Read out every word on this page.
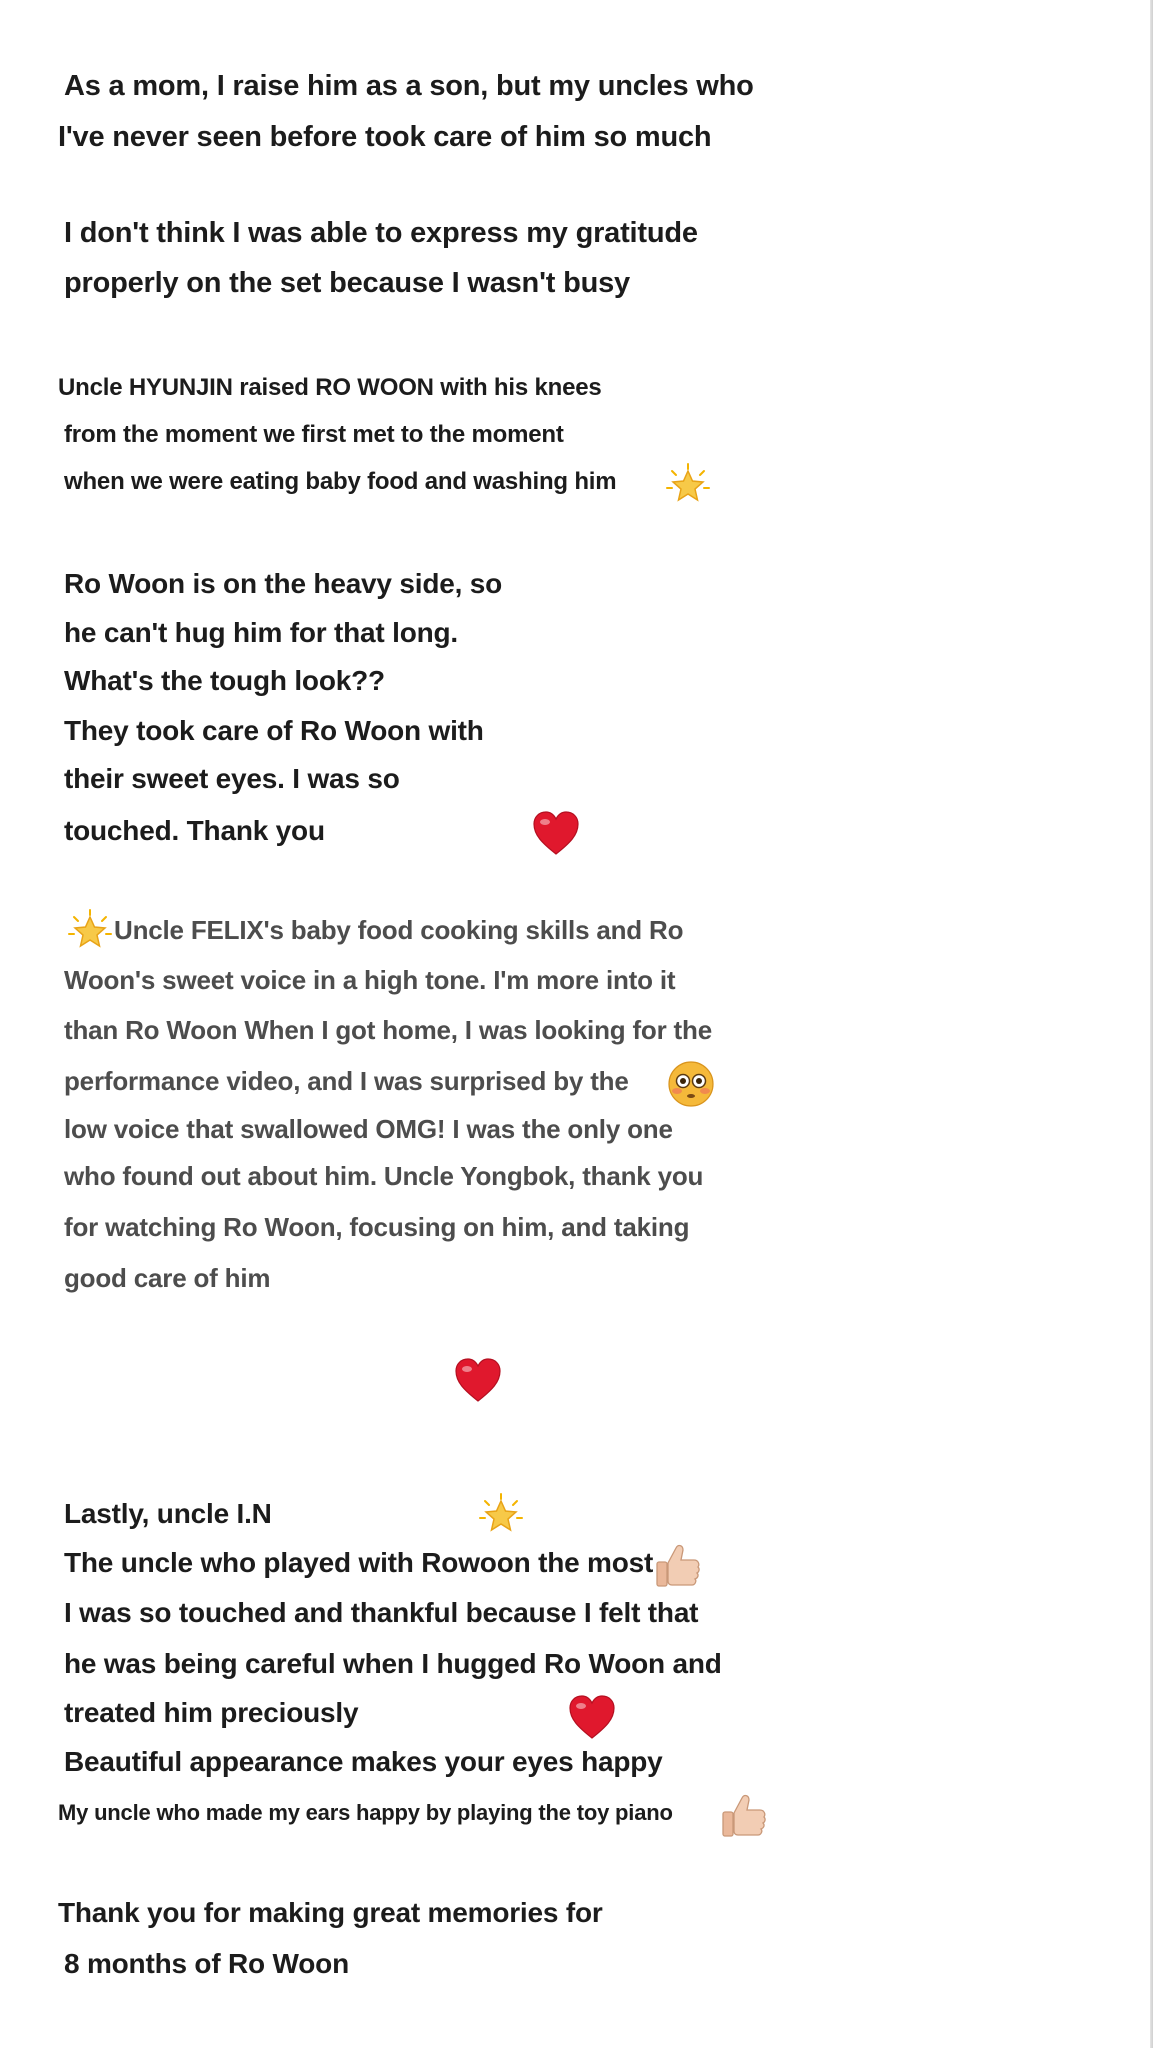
As a mom, I raise him as a son, but my uncles who
I've never seen before took care of him so much
I don't think I was able to express my gratitude
properly on the set because I wasn't busy
Uncle HYUNJIN raised RO WOON with his knees
from the moment we first met to the moment
when we were eating baby food and washing him
Ro Woon is on the heavy side, so
he can't hug him for that long.
What's the tough look??
They took care of Ro Woon with
their sweet eyes. I was so
touched. Thank you
Uncle FELIX's baby food cooking skills and Ro
Woon's sweet voice in a high tone. I'm more into it
than Ro Woon When I got home, I was looking for the
performance video, and I was surprised by the
low voice that swallowed OMG! I was the only one
who found out about him. Uncle Yongbok, thank you
for watching Ro Woon, focusing on him, and taking
good care of him
Lastly, uncle I.N
The uncle who played with Rowoon the most
I was so touched and thankful because I felt that
he was being careful when I hugged Ro Woon and
treated him preciously
Beautiful appearance makes your eyes happy
My uncle who made my ears happy by playing the toy piano
Thank you for making great memories for
8 months of Ro Woon
